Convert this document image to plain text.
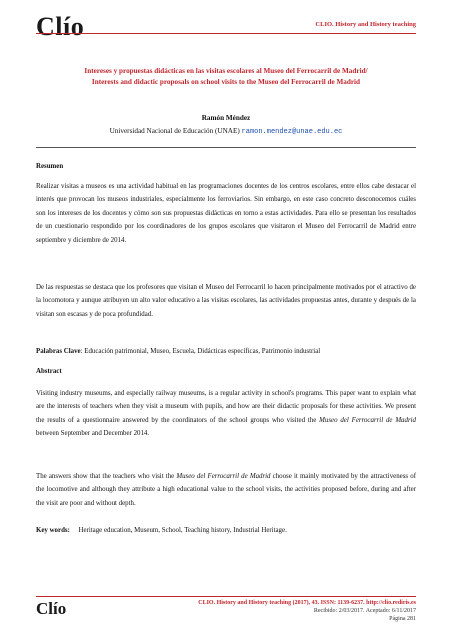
Clío	CLIO. History and History teaching
Intereses y propuestas didácticas en las visitas escolares al Museo del Ferrocarril de Madrid/
Interests and didactic proposals on school visits to the Museo del Ferrocarril de Madrid
Ramón Méndez
Universidad Nacional de Educación (UNAE) ramon.mendez@unae.edu.ec
Resumen
Realizar visitas a museos es una actividad habitual en las programaciones docentes de los centros escolares, entre ellos cabe destacar el interés que provocan los museos industriales, especialmente los ferroviarios. Sin embargo, en este caso concreto desconocemos cuáles son los intereses de los docentes y cómo son sus propuestas didácticas en torno a estas actividades. Para ello se presentan los resultados de un cuestionario respondido por los coordinadores de los grupos escolares que visitaron el Museo del Ferrocarril de Madrid entre septiembre y diciembre de 2014.
De las respuestas se destaca que los profesores que visitan el Museo del Ferrocarril lo hacen principalmente motivados por el atractivo de la locomotora y aunque atribuyen un alto valor educativo a las visitas escolares, las actividades propuestas antes, durante y después de la visitan son escasas y de poca profundidad.
Palabras Clave: Educación patrimonial, Museo, Escuela, Didácticas específicas, Patrimonio industrial
Abstract
Visiting industry museums, and especially railway museums, is a regular activity in school's programs. This paper want to explain what are the interests of teachers when they visit a museum with pupils, and how are their didactic proposals for these activities. We present the results of a questionnaire answered by the coordinators of the school groups who visited the Museo del Ferrocarril de Madrid between September and December 2014.
The answers show that the teachers who visit the Museo del Ferrocarril de Madrid choose it mainly motivated by the attractiveness of the locomotive and although they attribute a high educational value to the school visits, the activities proposed before, during and after the visit are poor and without depth.
Key words: Heritage education, Museum, School, Teaching history, Industrial Heritage.
Clío	CLIO. History and History teaching (2017), 43. ISSN: 1139-6237. http://clio.rediris.es
Recibido: 2/03/2017. Aceptado: 6/11/2017
Página 281
